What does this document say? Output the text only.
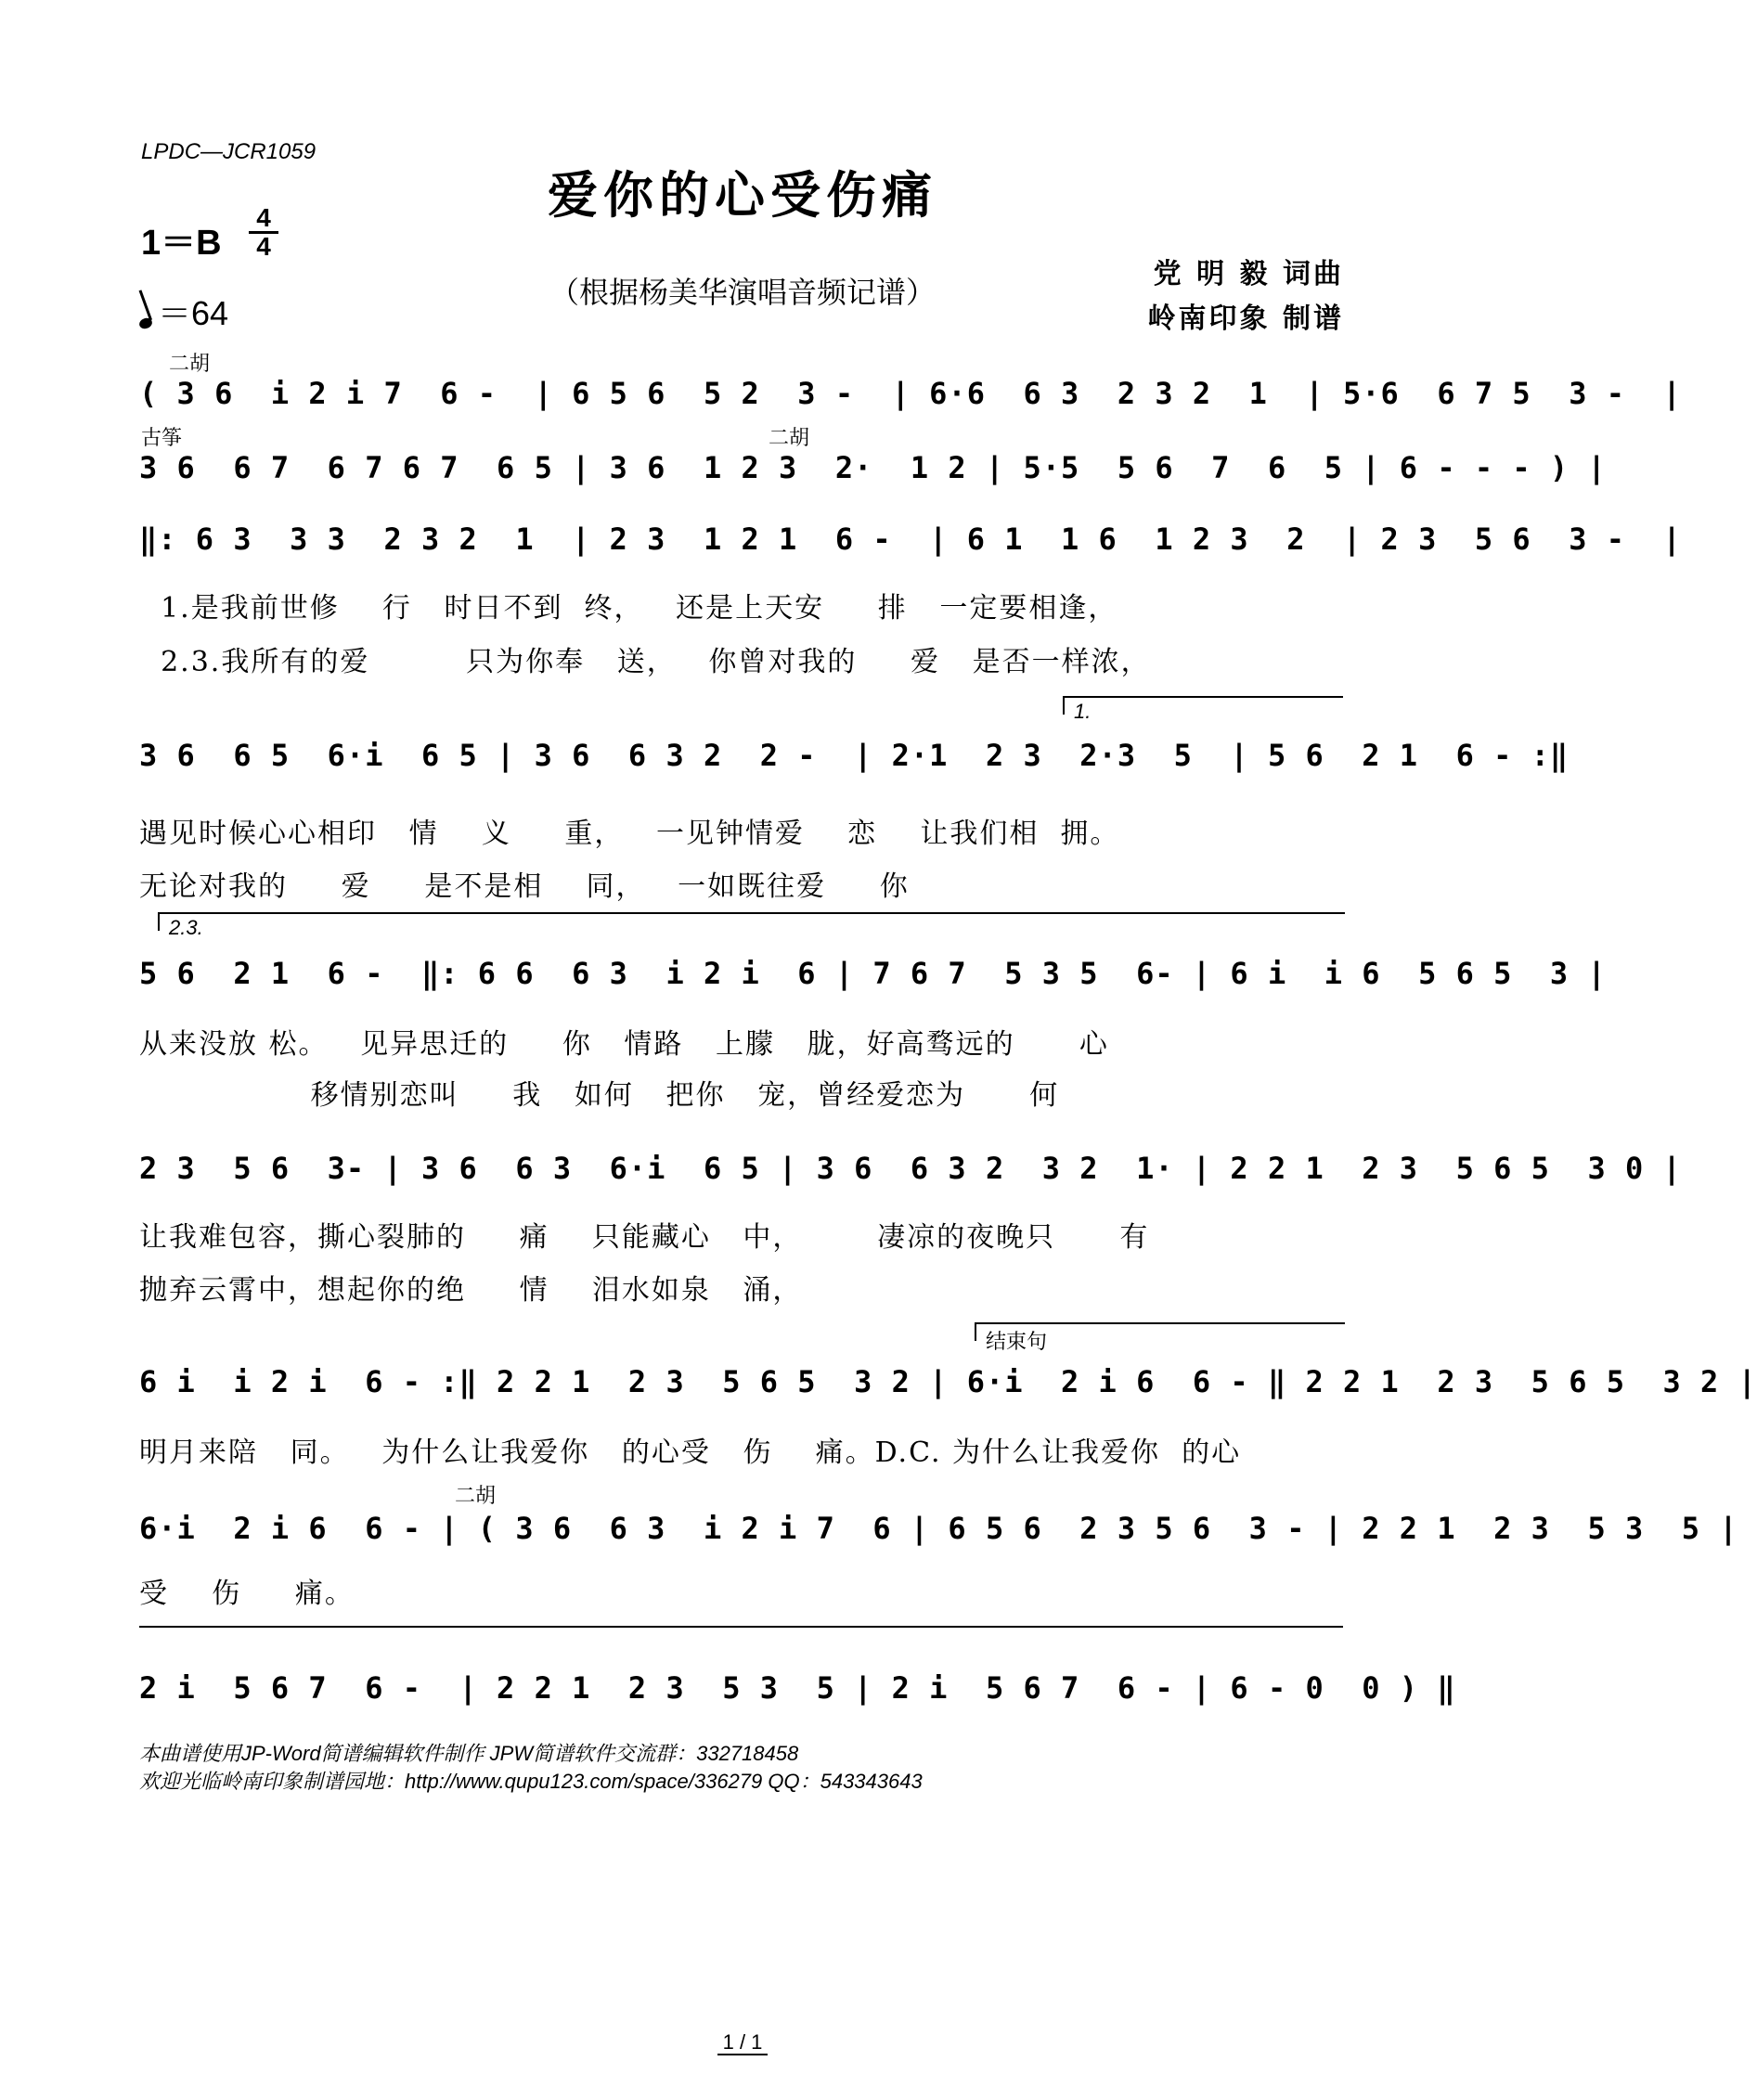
LPDC—JCR1059
爱你的心受伤痛
1＝B
4
4
＝64
（根据杨美华演唱音频记谱）
党 明 毅 词曲
岭南印象 制谱
二胡
古筝	二胡
( 3 6  i 2 i 7  6 -  | 6 5 6  5 2  3 -  | 6·6  6 3  2 3 2  1  | 5·6  6 7 5  3 -  |
3 6  6 7  6 7 6 7  6 5 | 3 6  1 2 3  2·  1 2 | 5·5  5 6  7  6  5 | 6 - - - ) |
‖: 6 3  3 3  2 3 2  1  | 2 3  1 2 1  6 -  | 6 1  1 6  1 2 3  2  | 2 3  5 6  3 -  |
1.是我前世修    行   时日不到  终，   还是上天安     排   一定要相逢，
2.3.我所有的爱         只为你奉   送，   你曾对我的     爱   是否一样浓，
1.
3 6  6 5  6·i  6 5 | 3 6  6 3 2  2 -  | 2·1  2 3  2·3  5  | 5 6  2 1  6 - :‖
遇见时候心心相印   情    义     重，   一见钟情爱    恋    让我们相  拥。
无论对我的     爱     是不是相    同，   一如既往爱     你
2.3.
5 6  2 1  6 -  ‖: 6 6  6 3  i 2 i  6 | 7 6 7  5 3 5  6- | 6 i  i 6  5 6 5  3 |
从来没放 松。   见异思迁的     你   情路   上朦   胧，好高骛远的      心
移情别恋叫     我   如何   把你   宠，曾经爱恋为      何
2 3  5 6  3- | 3 6  6 3  6·i  6 5 | 3 6  6 3 2  3 2  1· | 2 2 1  2 3  5 6 5  3 0 |
让我难包容，撕心裂肺的     痛    只能藏心   中，       凄凉的夜晚只      有
抛弃云霄中，想起你的绝     情    泪水如泉   涌，
结束句
6 i  i 2 i  6 - :‖ 2 2 1  2 3  5 6 5  3 2 | 6·i  2 i 6  6 - ‖ 2 2 1  2 3  5 6 5  3 2 |
明月来陪   同。   为什么让我爱你   的心受   伤    痛。D.C. 为什么让我爱你  的心
二胡
6·i  2 i 6  6 - | ( 3 6  6 3  i 2 i 7  6 | 6 5 6  2 3 5 6  3 - | 2 2 1  2 3  5 3  5 |
受    伤     痛。
2 i  5 6 7  6 -  | 2 2 1  2 3  5 3  5 | 2 i  5 6 7  6 - | 6 - 0  0 ) ‖
本曲谱使用JP-Word简谱编辑软件制作 JPW简谱软件交流群：332718458
欢迎光临岭南印象制谱园地：http://www.qupu123.com/space/336279 QQ：543343643
1 / 1
